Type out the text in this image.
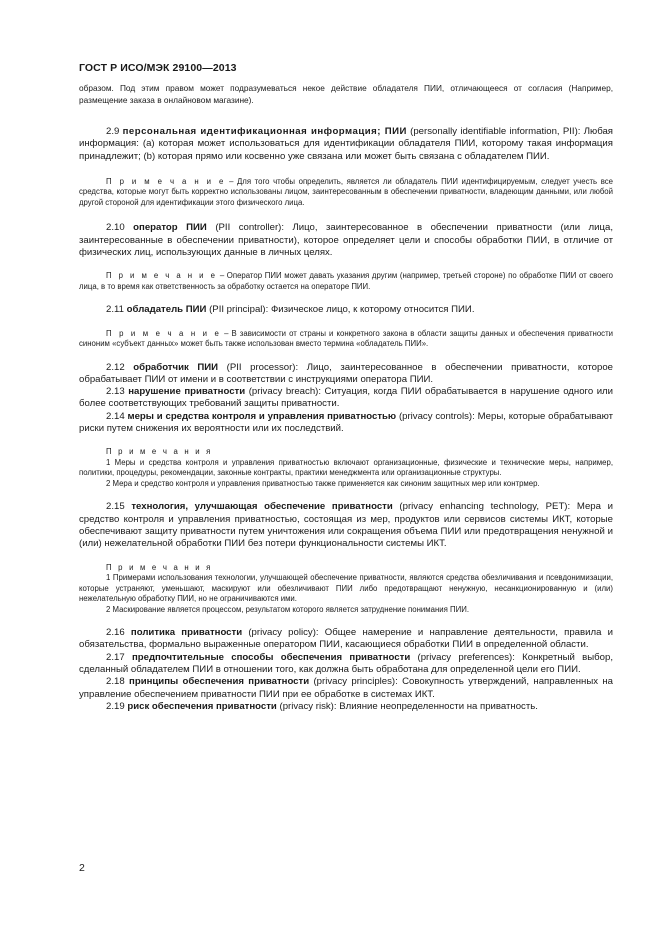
ГОСТ Р ИСО/МЭК 29100—2013

образом. Под этим правом может подразумеваться некое действие обладателя ПИИ, отличающееся от согласия (Например, размещение заказа в онлайновом магазине).

2.9 персональная идентификационная информация; ПИИ (personally identifiable information, PII): Любая информация: (a) которая может использоваться для идентификации обладателя ПИИ, которому такая информация принадлежит; (b) которая прямо или косвенно уже связана или может быть связана с обладателем ПИИ.

П р и м е ч а н и е – Для того чтобы определить, является ли обладатель ПИИ идентифицируемым, следует учесть все средства, которые могут быть корректно использованы лицом, заинтересованным в обеспечении приватности, владеющим данными, или любой другой стороной для идентификации этого физического лица.

2.10 оператор ПИИ (PII controller): Лицо, заинтересованное в обеспечении приватности (или лица, заинтересованные в обеспечении приватности), которое определяет цели и способы обработки ПИИ, в отличие от физических лиц, использующих данные в личных целях.

П р и м е ч а н и е – Оператор ПИИ может давать указания другим (например, третьей стороне) по обработке ПИИ от своего лица, в то время как ответственность за обработку остается на операторе ПИИ.

2.11 обладатель ПИИ (PII principal): Физическое лицо, к которому относится ПИИ.

П р и м е ч а н и е – В зависимости от страны и конкретного закона в области защиты данных и обеспечения приватности синоним «субъект данных» может быть также использован вместо термина «обладатель ПИИ».

2.12 обработчик ПИИ (PII processor): Лицо, заинтересованное в обеспечении приватности, которое обрабатывает ПИИ от имени и в соответствии с инструкциями оператора ПИИ.

2.13 нарушение приватности (privacy breach): Ситуация, когда ПИИ обрабатывается в нарушение одного или более соответствующих требований защиты приватности.

2.14 меры и средства контроля и управления приватностью (privacy controls): Меры, которые обрабатывают риски путем снижения их вероятности или их последствий.

П р и м е ч а н и я

1 Меры и средства контроля и управления приватностью включают организационные, физические и технические меры, например, политики, процедуры, рекомендации, законные контракты, практики менеджмента или организационные структуры.

2 Мера и средство контроля и управления приватностью также применяется как синоним защитных мер или контрмер.

2.15 технология, улучшающая обеспечение приватности (privacy enhancing technology, PET): Мера и средство контроля и управления приватностью, состоящая из мер, продуктов или сервисов системы ИКТ, которые обеспечивают защиту приватности путем уничтожения или сокращения объема ПИИ или предотвращения ненужной и (или) нежелательной обработки ПИИ без потери функциональности системы ИКТ.

П р и м е ч а н и я

1 Примерами использования технологии, улучшающей обеспечение приватности, являются средства обезличивания и псевдонимизации, которые устраняют, уменьшают, маскируют или обезличивают ПИИ либо предотвращают ненужную, несанкционированную и (или) нежелательную обработку ПИИ, но не ограничиваются ими.

2 Маскирование является процессом, результатом которого является затруднение понимания ПИИ.

2.16 политика приватности (privacy policy): Общее намерение и направление деятельности, правила и обязательства, формально выраженные оператором ПИИ, касающиеся обработки ПИИ в определенной области.

2.17 предпочтительные способы обеспечения приватности (privacy preferences): Конкретный выбор, сделанный обладателем ПИИ в отношении того, как должна быть обработана для определенной цели его ПИИ.

2.18 принципы обеспечения приватности (privacy principles): Совокупность утверждений, направленных на управление обеспечением приватности ПИИ при ее обработке в системах ИКТ.

2.19 риск обеспечения приватности (privacy risk): Влияние неопределенности на приватность.

2
